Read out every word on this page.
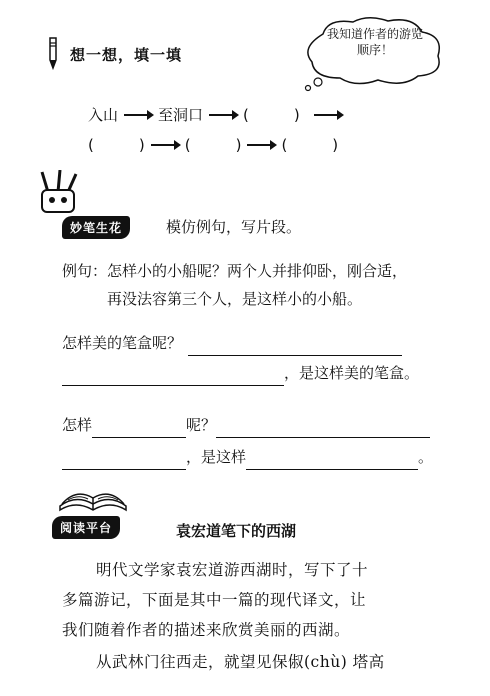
想一想，填一填
我知道作者的游览顺序！
入山	至洞口	(　　　)
(　　　)	(　　　)	(　　　)
妙笔生花	模仿例句，写片段。
例句：怎样小的小船呢？两个人并排仰卧，刚合适，
再没法容第三个人，是这样小的小船。
怎样美的笔盒呢？
，是这样美的笔盒。
怎样	呢？
，是这样	。
阅读平台	袁宏道笔下的西湖
明代文学家袁宏道游西湖时，写下了十
多篇游记，下面是其中一篇的现代译文，让
我们随着作者的描述来欣赏美丽的西湖。
从武林门往西走，就望见保俶(chù) 塔高
